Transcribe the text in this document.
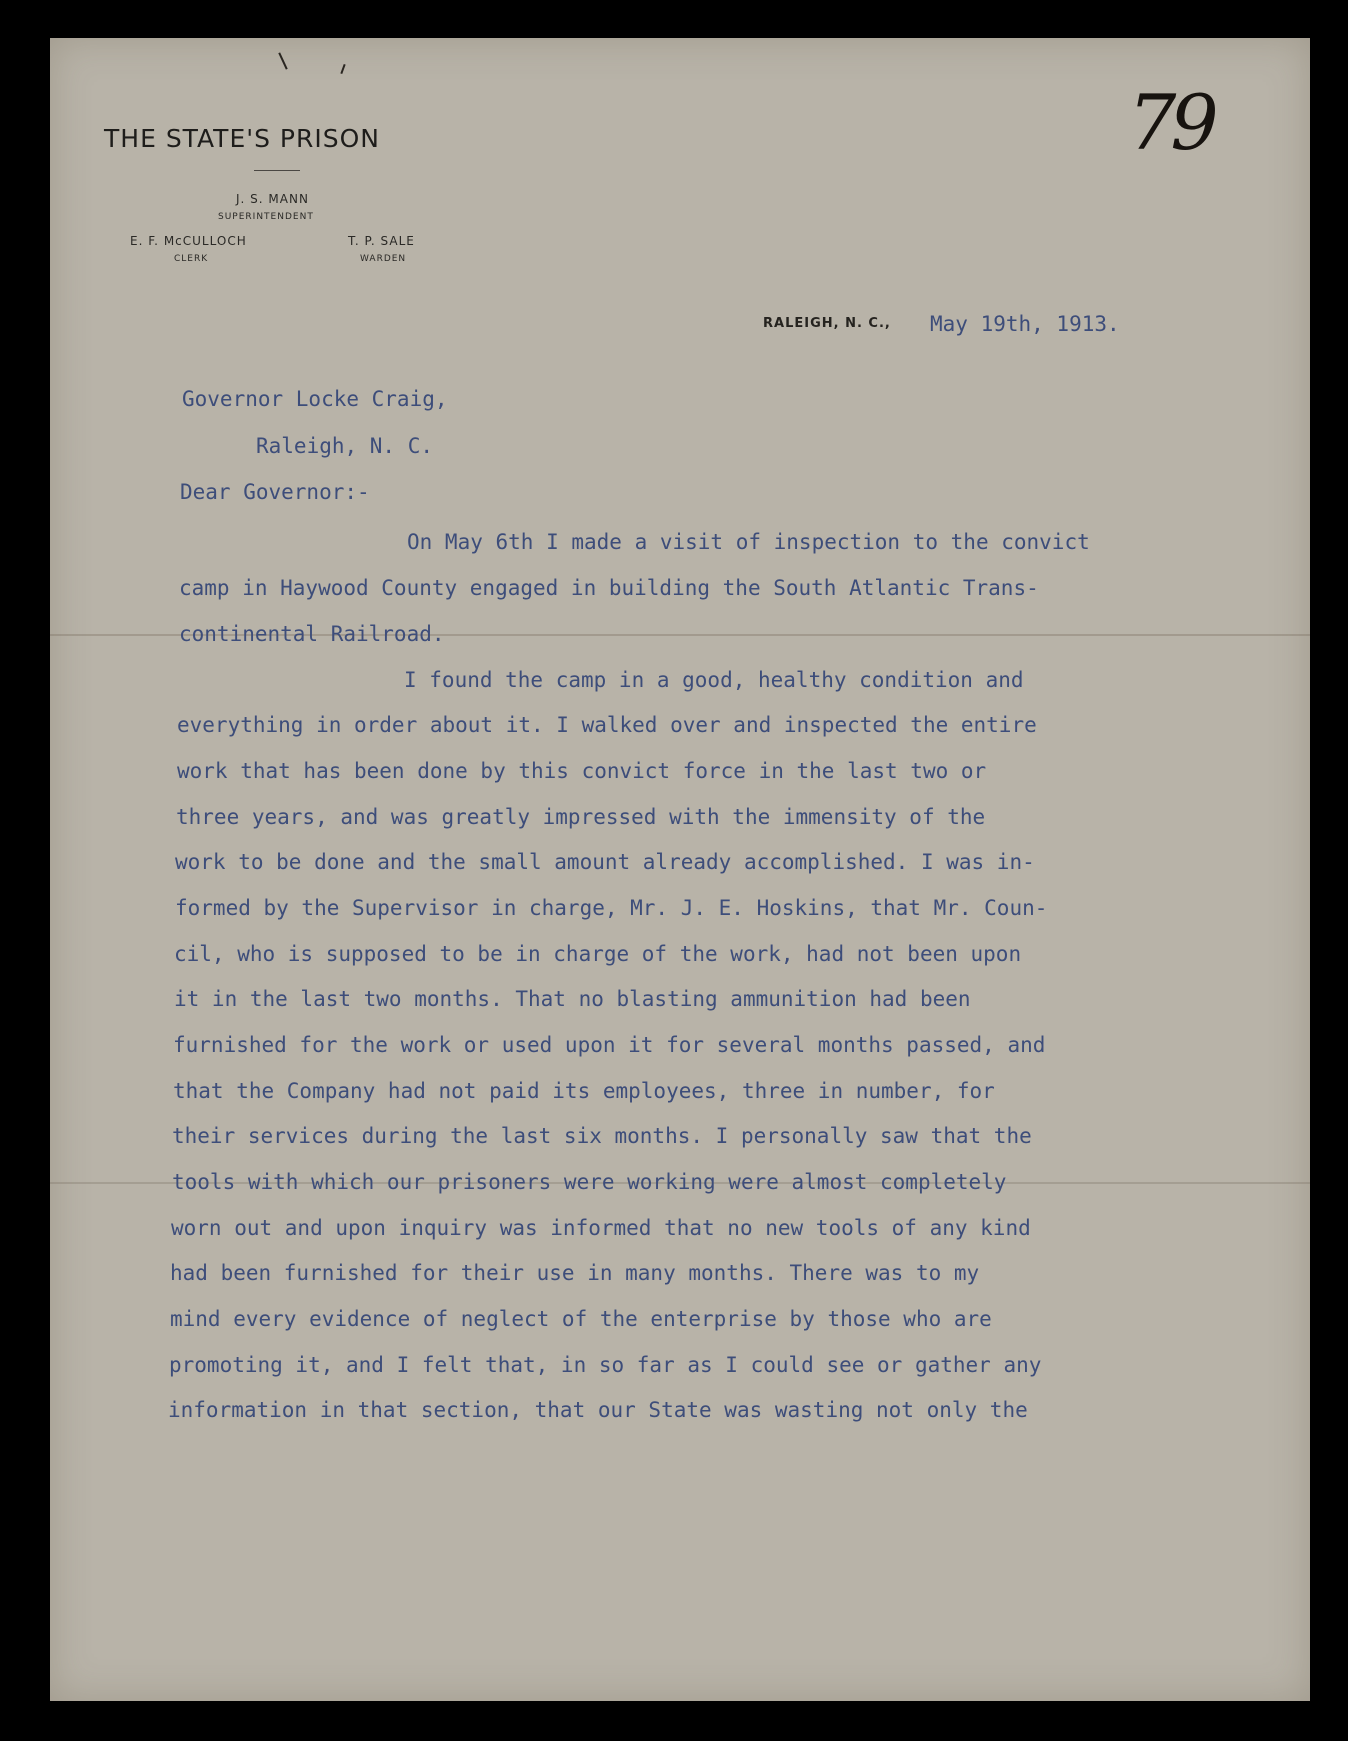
THE STATE'S PRISON
J. S. MANN
SUPERINTENDENT
E. F. McCULLOCH
CLERK
T. P. SALE
WARDEN
79
RALEIGH, N. C., May 19th, 1913.
Governor Locke Craig,
Raleigh, N. C.
Dear Governor:-
On May 6th I made a visit of inspection to the convict
camp in Haywood County engaged in building the South Atlantic Trans-
continental Railroad.
I found the camp in a good, healthy condition and
everything in order about it. I walked over and inspected the entire
work that has been done by this convict force in the last two or
three years, and was greatly impressed with the immensity of the
work to be done and the small amount already accomplished. I was in-
formed by the Supervisor in charge, Mr. J. E. Hoskins, that Mr. Coun-
cil, who is supposed to be in charge of the work, had not been upon
it in the last two months. That no blasting ammunition had been
furnished for the work or used upon it for several months passed, and
that the Company had not paid its employees, three in number, for
their services during the last six months. I personally saw that the
tools with which our prisoners were working were almost completely
worn out and upon inquiry was informed that no new tools of any kind
had been furnished for their use in many months. There was to my
mind every evidence of neglect of the enterprise by those who are
promoting it, and I felt that, in so far as I could see or gather any
information in that section, that our State was wasting not only the
